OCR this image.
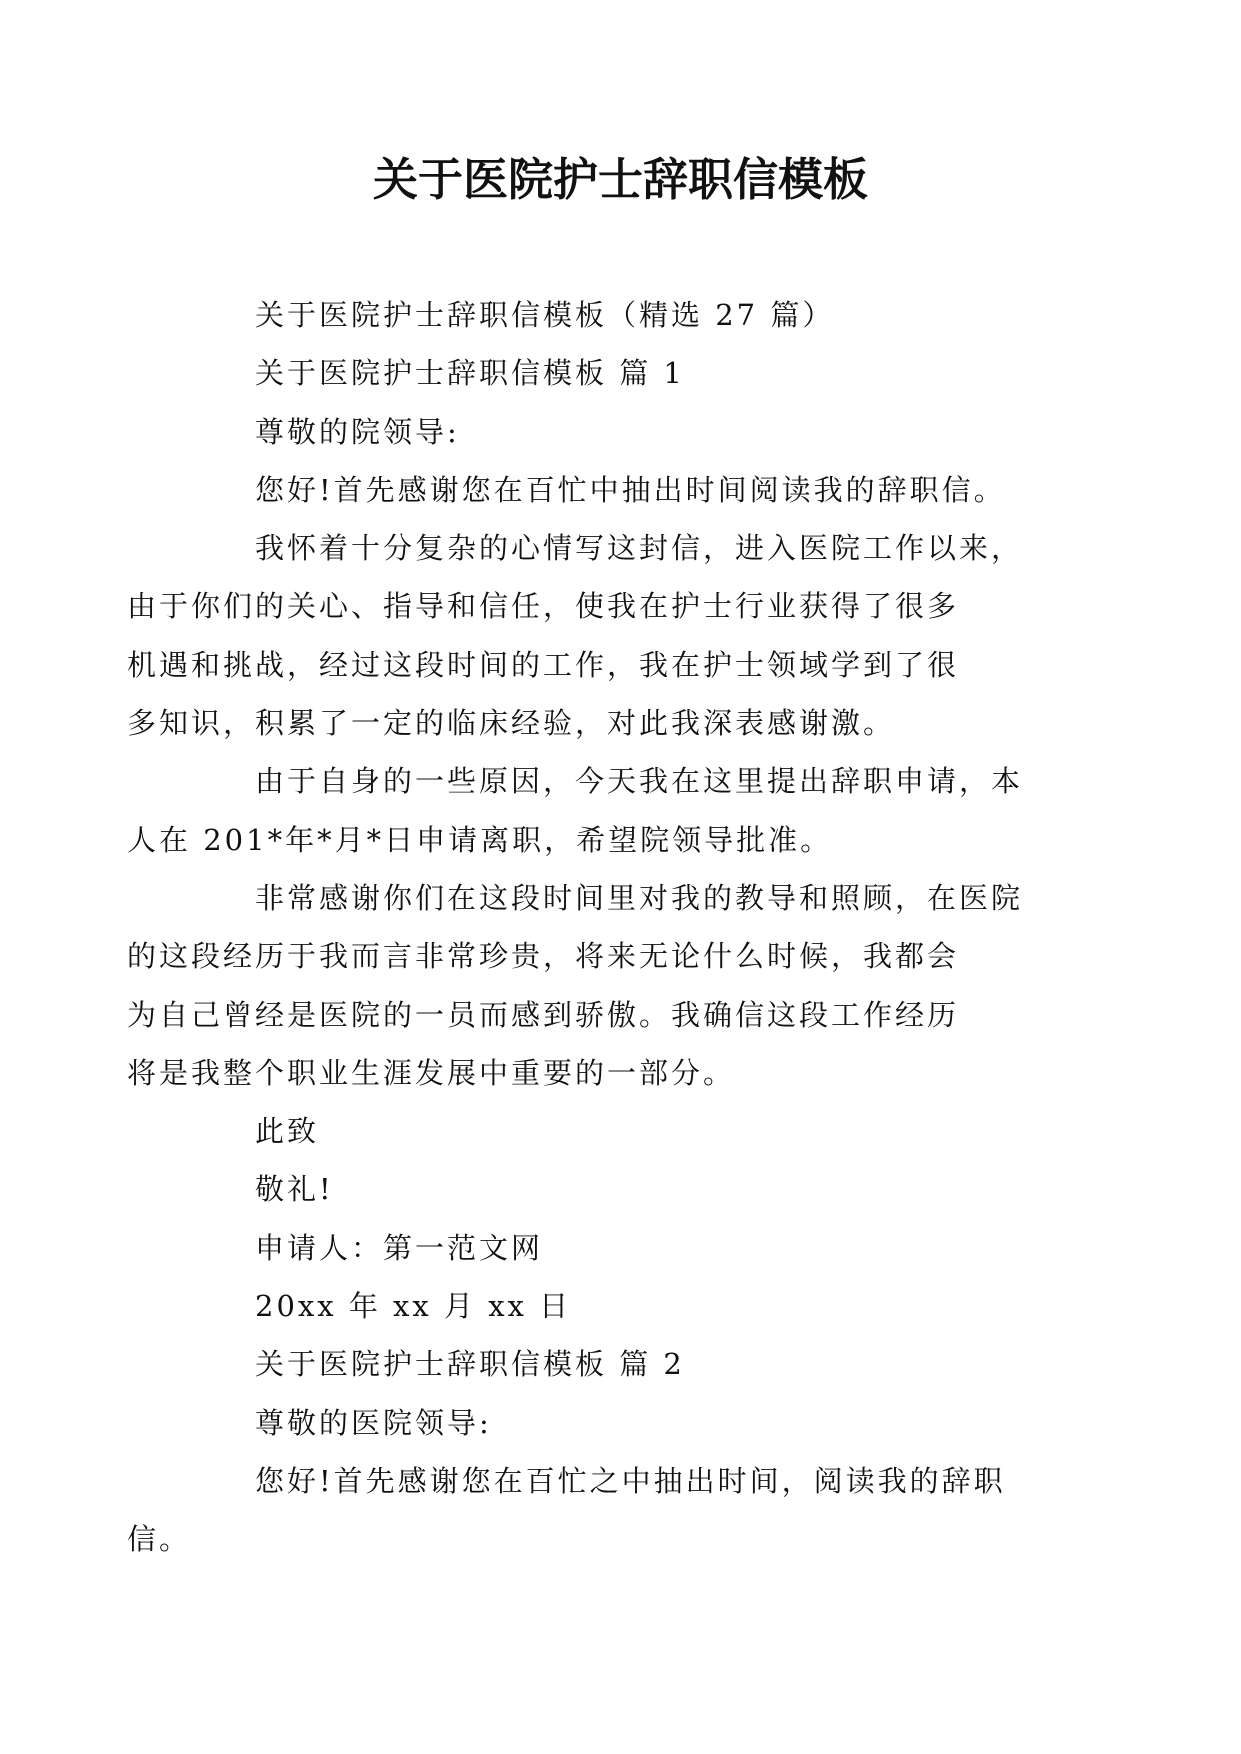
关于医院护士辞职信模板
关于医院护士辞职信模板（精选 27 篇）
关于医院护士辞职信模板 篇 1
尊敬的院领导:
您好!首先感谢您在百忙中抽出时间阅读我的辞职信。
我怀着十分复杂的心情写这封信，进入医院工作以来，
由于你们的关心、指导和信任，使我在护士行业获得了很多
机遇和挑战，经过这段时间的工作，我在护士领域学到了很
多知识，积累了一定的临床经验，对此我深表感谢激。
由于自身的一些原因，今天我在这里提出辞职申请，本
人在 201*年*月*日申请离职，希望院领导批准。
非常感谢你们在这段时间里对我的教导和照顾，在医院
的这段经历于我而言非常珍贵，将来无论什么时候，我都会
为自己曾经是医院的一员而感到骄傲。我确信这段工作经历
将是我整个职业生涯发展中重要的一部分。
此致
敬礼!
申请人：第一范文网
20xx 年 xx 月 xx 日
关于医院护士辞职信模板 篇 2
尊敬的医院领导:
您好!首先感谢您在百忙之中抽出时间，阅读我的辞职
信。
